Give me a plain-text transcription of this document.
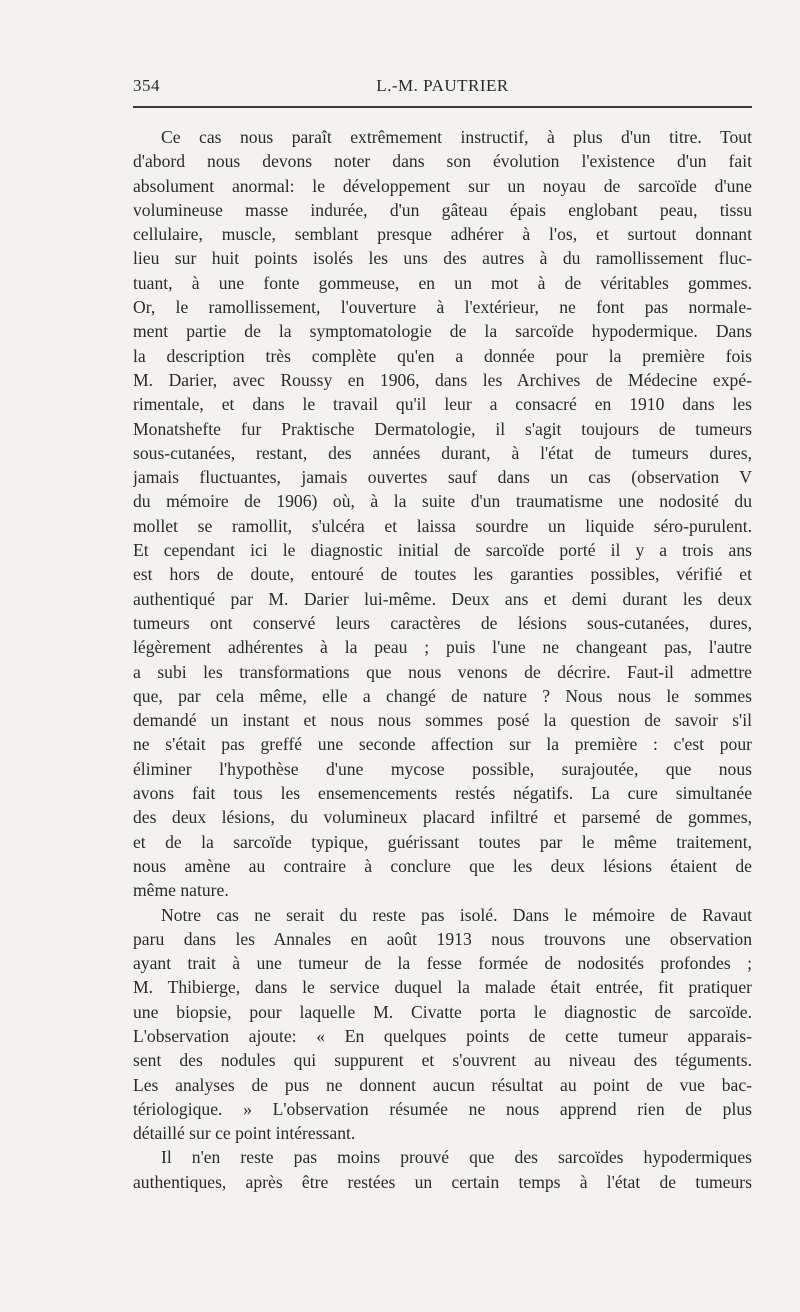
354	L.-M. PAUTRIER
Ce cas nous paraît extrêmement instructif, à plus d'un titre. Tout
d'abord nous devons noter dans son évolution l'existence d'un fait
absolument anormal: le développement sur un noyau de sarcoïde d'une
volumineuse masse indurée, d'un gâteau épais englobant peau, tissu
cellulaire, muscle, semblant presque adhérer à l'os, et surtout donnant
lieu sur huit points isolés les uns des autres à du ramollissement fluc-
tuant, à une fonte gommeuse, en un mot à de véritables gommes.
Or, le ramollissement, l'ouverture à l'extérieur, ne font pas normale-
ment partie de la symptomatologie de la sarcoïde hypodermique. Dans
la description très complète qu'en a donnée pour la première fois
M. Darier, avec Roussy en 1906, dans les Archives de Médecine expé-
rimentale, et dans le travail qu'il leur a consacré en 1910 dans les
Monatshefte fur Praktische Dermatologie, il s'agit toujours de tumeurs
sous-cutanées, restant, des années durant, à l'état de tumeurs dures,
jamais fluctuantes, jamais ouvertes sauf dans un cas (observation V
du mémoire de 1906) où, à la suite d'un traumatisme une nodosité du
mollet se ramollit, s'ulcéra et laissa sourdre un liquide séro-purulent.
Et cependant ici le diagnostic initial de sarcoïde porté il y a trois ans
est hors de doute, entouré de toutes les garanties possibles, vérifié et
authentiqué par M. Darier lui-même. Deux ans et demi durant les deux
tumeurs ont conservé leurs caractères de lésions sous-cutanées, dures,
légèrement adhérentes à la peau ; puis l'une ne changeant pas, l'autre
a subi les transformations que nous venons de décrire. Faut-il admettre
que, par cela même, elle a changé de nature ? Nous nous le sommes
demandé un instant et nous nous sommes posé la question de savoir s'il
ne s'était pas greffé une seconde affection sur la première : c'est pour
éliminer l'hypothèse d'une mycose possible, surajoutée, que nous
avons fait tous les ensemencements restés négatifs. La cure simultanée
des deux lésions, du volumineux placard infiltré et parsemé de gommes,
et de la sarcoïde typique, guérissant toutes par le même traitement,
nous amène au contraire à conclure que les deux lésions étaient de
même nature.
Notre cas ne serait du reste pas isolé. Dans le mémoire de Ravaut
paru dans les Annales en août 1913 nous trouvons une observation
ayant trait à une tumeur de la fesse formée de nodosités profondes ;
M. Thibierge, dans le service duquel la malade était entrée, fit pratiquer
une biopsie, pour laquelle M. Civatte porta le diagnostic de sarcoïde.
L'observation ajoute: « En quelques points de cette tumeur apparais-
sent des nodules qui suppurent et s'ouvrent au niveau des téguments.
Les analyses de pus ne donnent aucun résultat au point de vue bac-
tériologique. » L'observation résumée ne nous apprend rien de plus
détaillé sur ce point intéressant.
Il n'en reste pas moins prouvé que des sarcoïdes hypodermiques
authentiques, après être restées un certain temps à l'état de tumeurs
